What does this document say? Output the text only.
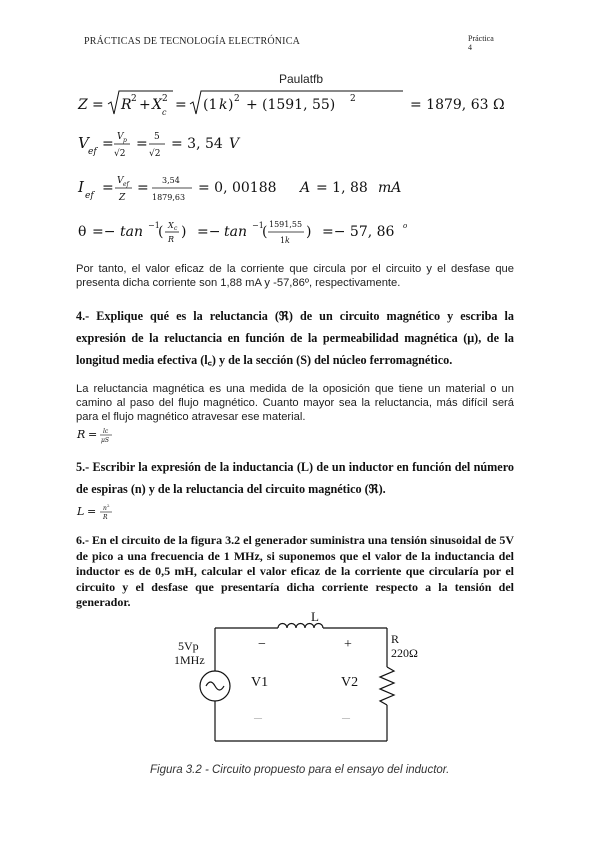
PRÁCTICAS DE TECNOLOGÍA ELECTRÓNICA	Práctica
4
Paulatfb
Z = R 2 + X 2
c = (1 k ) 2 + (1591, 55) 2	= 1879, 63 Ω
V ef = V p
√2
= 5
√2
= 3, 54 V
I ef = V ef
Z
= 3,54
1879,63
= 0, 00188 A = 1, 88 mA
θ =− tan −1
( X c
R ) =− tan −1
( 1591,55
1 k
) =− 57, 86 o
Por tanto, el valor eficaz de la corriente que circula por el circuito y el desfase que presenta dicha corriente son 1,88 mA y -57,86º, respectivamente.
4.- Explique qué es la reluctancia (ℜ) de un circuito magnético y escriba la expresión de la reluctancia en función de la permeabilidad magnética (μ), de la longitud media efectiva (l꜀) y de la sección (S) del núcleo ferromagnético.
La reluctancia magnética es una medida de la oposición que tiene un material o un camino al paso del flujo magnético. Cuanto mayor sea la reluctancia, más difícil será para el flujo magnético atravesar ese material.
R = lc
μS
5.- Escribir la expresión de la inductancia (L) de un inductor en función del número de espiras (n) y de la reluctancia del circuito magnético (ℜ).
L = n 2
R
6.- En el circuito de la figura 3.2 el generador suministra una tensión sinusoidal de 5V de pico a una frecuencia de 1 MHz, si suponemos que el valor de la inductancia del inductor es de 0,5 mH, calcular el valor eficaz de la corriente que circularía por el circuito y el desfase que presentaría dicha corriente respecto a la tensión del generador.
L
R
220Ω
5Vp
1MHz
−	+
V1	V2
—	—
Figura 3.2 - Circuito propuesto para el ensayo del inductor.
